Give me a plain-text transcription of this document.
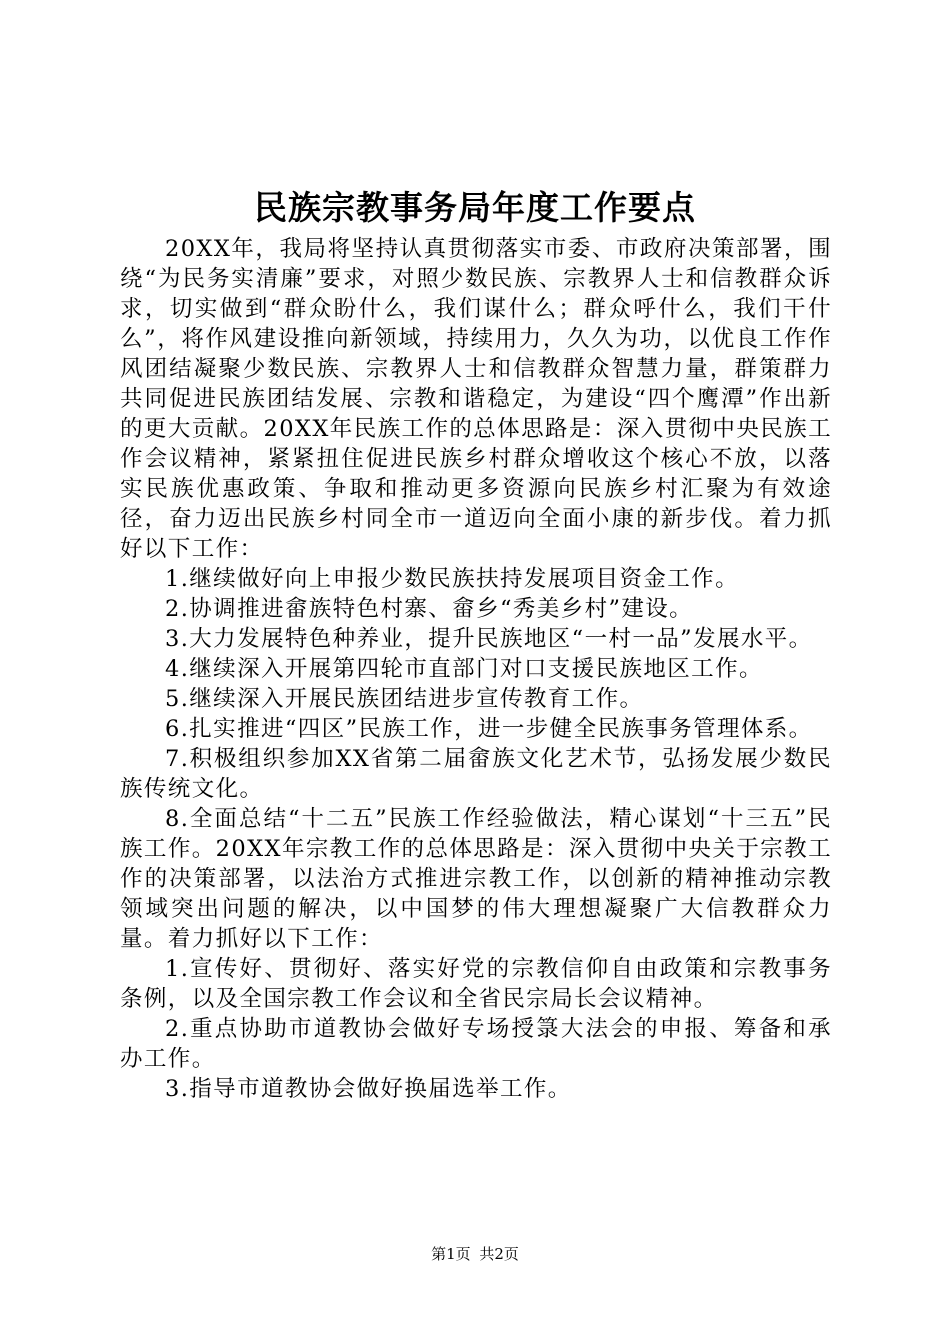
民族宗教事务局年度工作要点

20XX年，我局将坚持认真贯彻落实市委、市政府决策部署，围绕“为民务实清廉”要求，对照少数民族、宗教界人士和信教群众诉求，切实做到“群众盼什么，我们谋什么；群众呼什么，我们干什么”，将作风建设推向新领域，持续用力，久久为功，以优良工作作风团结凝聚少数民族、宗教界人士和信教群众智慧力量，群策群力共同促进民族团结发展、宗教和谐稳定，为建设“四个鹰潭”作出新的更大贡献。20XX年民族工作的总体思路是：深入贯彻中央民族工作会议精神，紧紧扭住促进民族乡村群众增收这个核心不放，以落实民族优惠政策、争取和推动更多资源向民族乡村汇聚为有效途径，奋力迈出民族乡村同全市一道迈向全面小康的新步伐。着力抓好以下工作：

1.继续做好向上申报少数民族扶持发展项目资金工作。

2.协调推进畲族特色村寨、畲乡“秀美乡村”建设。

3.大力发展特色种养业，提升民族地区“一村一品”发展水平。

4.继续深入开展第四轮市直部门对口支援民族地区工作。

5.继续深入开展民族团结进步宣传教育工作。

6.扎实推进“四区”民族工作，进一步健全民族事务管理体系。

7.积极组织参加XX省第二届畲族文化艺术节，弘扬发展少数民族传统文化。

8.全面总结“十二五”民族工作经验做法，精心谋划“十三五”民族工作。20XX年宗教工作的总体思路是：深入贯彻中央关于宗教工作的决策部署，以法治方式推进宗教工作，以创新的精神推动宗教领域突出问题的解决，以中国梦的伟大理想凝聚广大信教群众力量。着力抓好以下工作：

1.宣传好、贯彻好、落实好党的宗教信仰自由政策和宗教事务条例，以及全国宗教工作会议和全省民宗局长会议精神。

2.重点协助市道教协会做好专场授箓大法会的申报、筹备和承办工作。

3.指导市道教协会做好换届选举工作。

第1页 共2页
